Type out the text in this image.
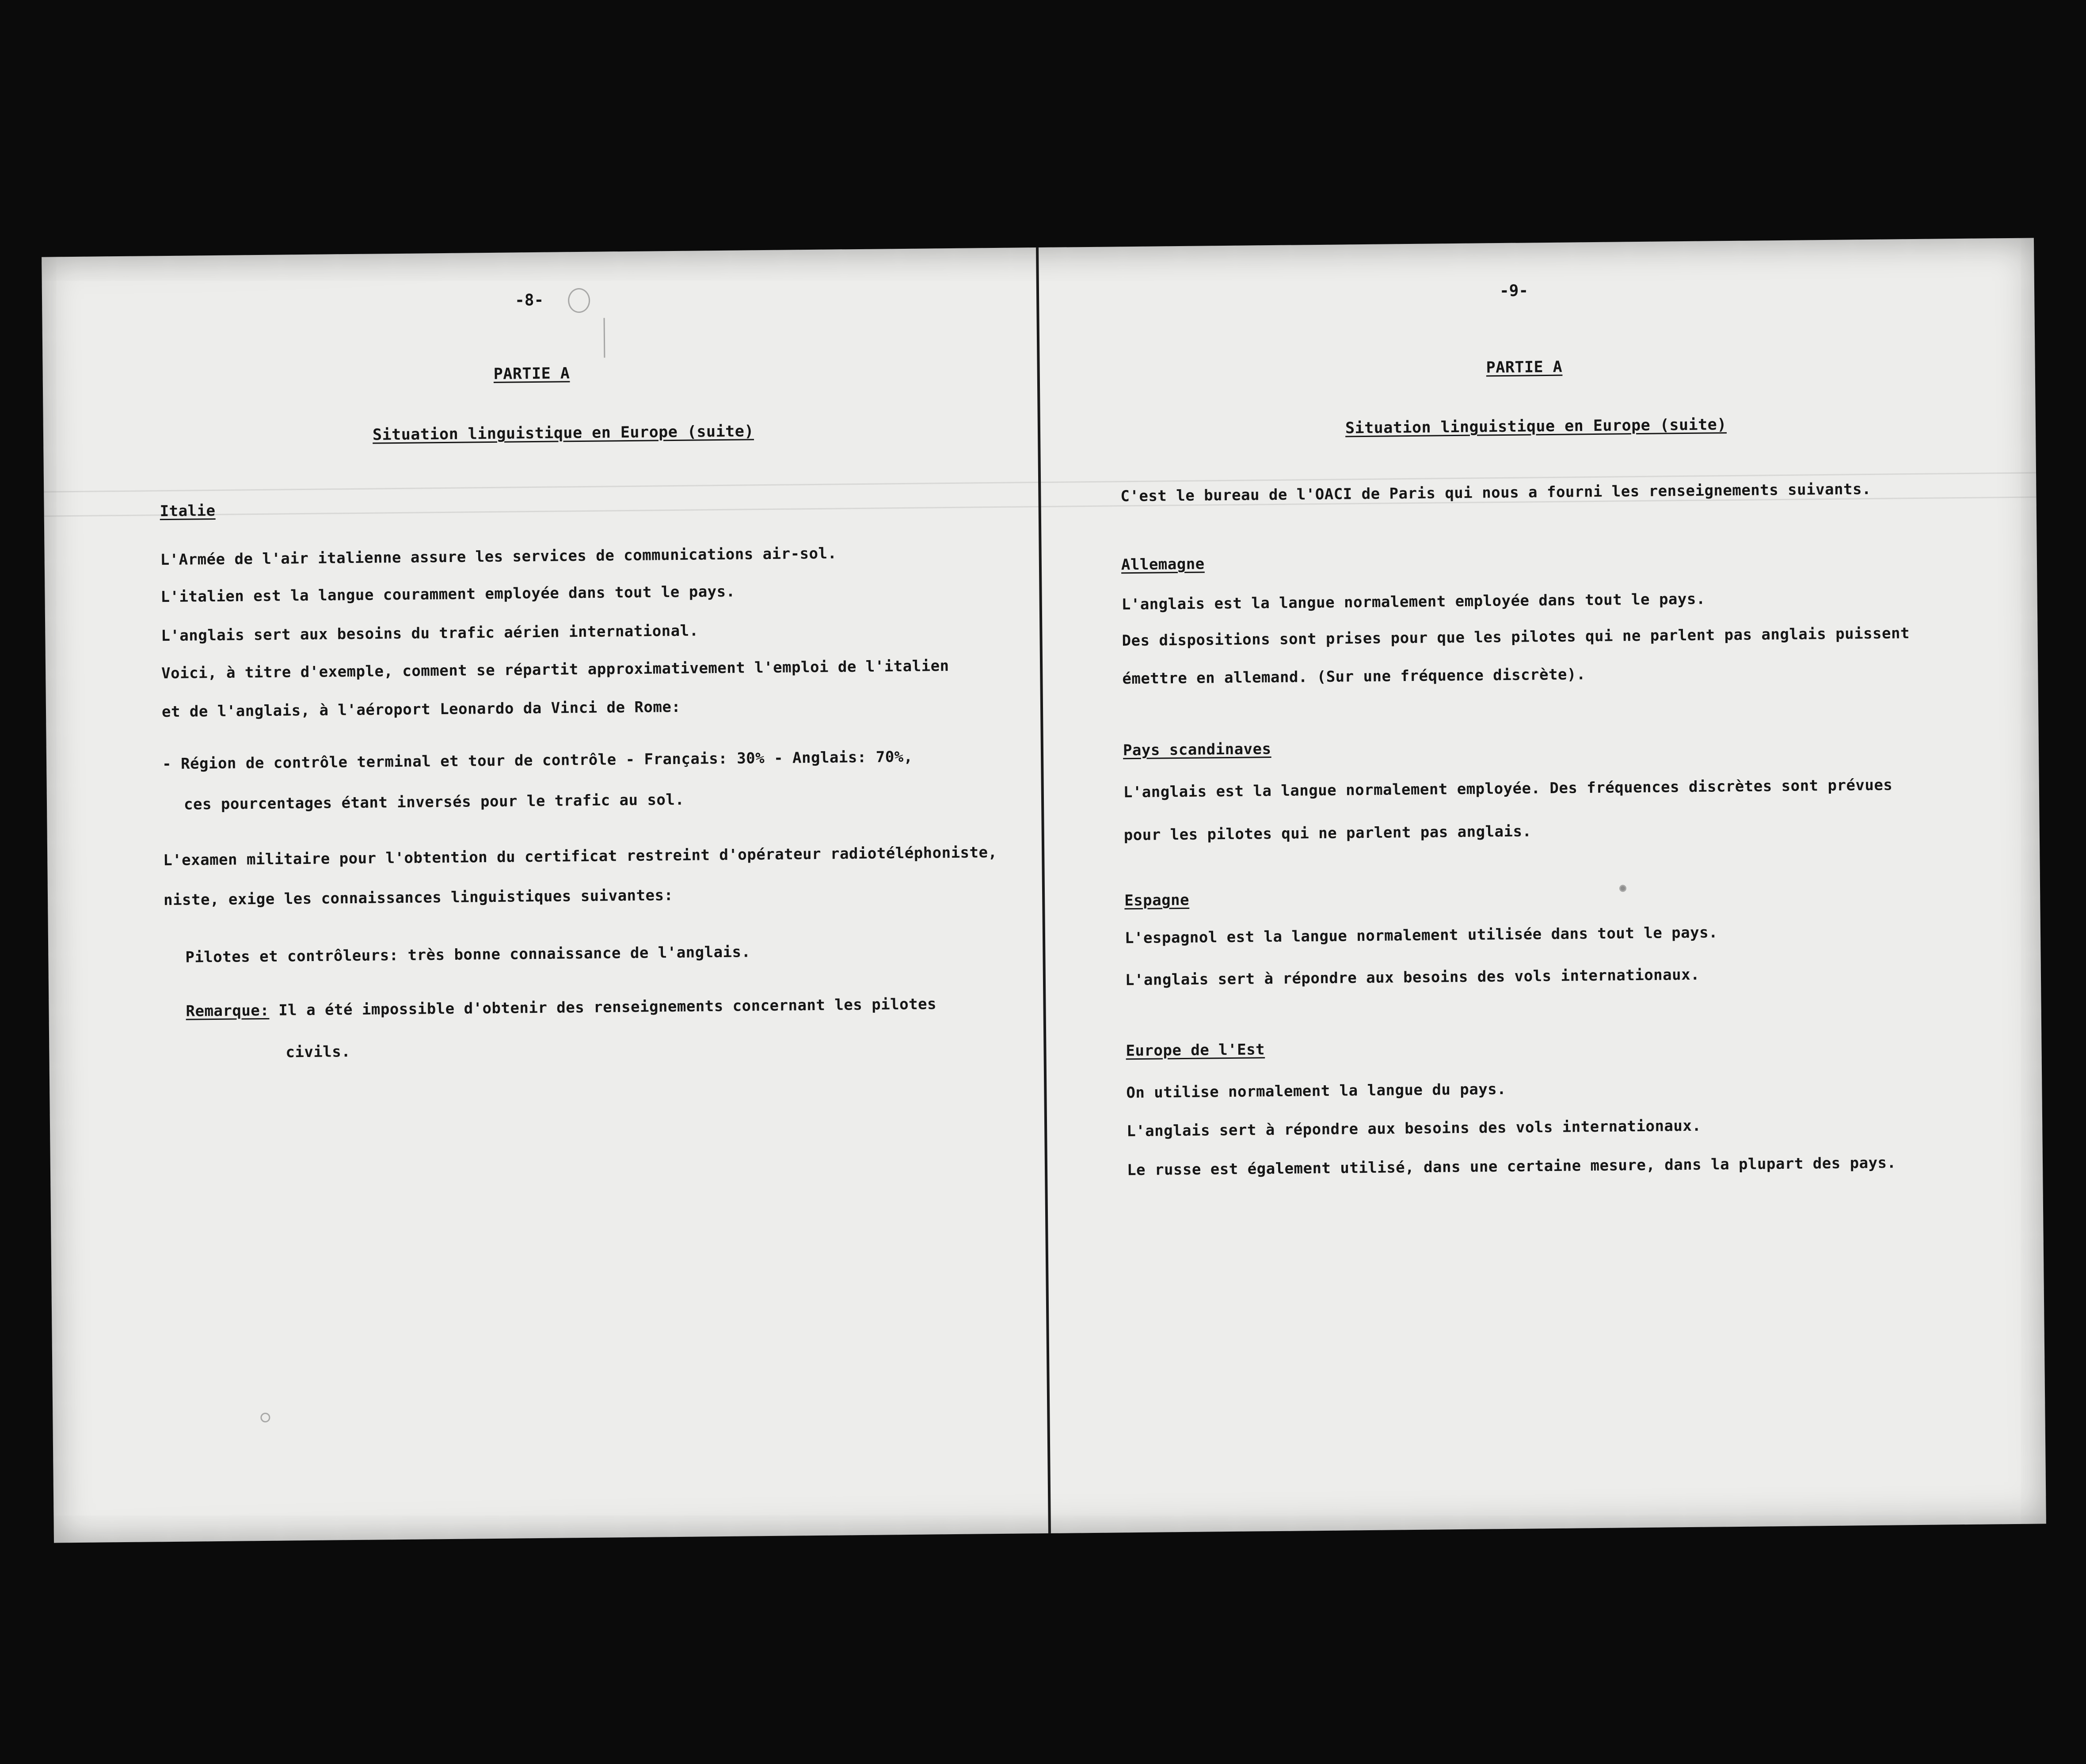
-8-
PARTIE A
Situation linguistique en Europe (suite)
Italie
L'Armée de l'air italienne assure les services de communications air-sol.
L'italien est la langue couramment employée dans tout le pays.
L'anglais sert aux besoins du trafic aérien international.
Voici, à titre d'exemple, comment se répartit approximativement l'emploi de l'italien
et de l'anglais, à l'aéroport Leonardo da Vinci de Rome:
- Région de contrôle terminal et tour de contrôle - Français: 30% - Anglais: 70%,
ces pourcentages étant inversés pour le trafic au sol.
L'examen militaire pour l'obtention du certificat restreint d'opérateur radiotéléphoniste,
niste, exige les connaissances linguistiques suivantes:
Pilotes et contrôleurs: très bonne connaissance de l'anglais.
Remarque: Il a été impossible d'obtenir des renseignements concernant les pilotes
civils.
-9-
PARTIE A
Situation linguistique en Europe (suite)
C'est le bureau de l'OACI de Paris qui nous a fourni les renseignements suivants.
Allemagne
L'anglais est la langue normalement employée dans tout le pays.
Des dispositions sont prises pour que les pilotes qui ne parlent pas anglais puissent
émettre en allemand. (Sur une fréquence discrète).
Pays scandinaves
L'anglais est la langue normalement employée. Des fréquences discrètes sont prévues
pour les pilotes qui ne parlent pas anglais.
Espagne
L'espagnol est la langue normalement utilisée dans tout le pays.
L'anglais sert à répondre aux besoins des vols internationaux.
Europe de l'Est
On utilise normalement la langue du pays.
L'anglais sert à répondre aux besoins des vols internationaux.
Le russe est également utilisé, dans une certaine mesure, dans la plupart des pays.
